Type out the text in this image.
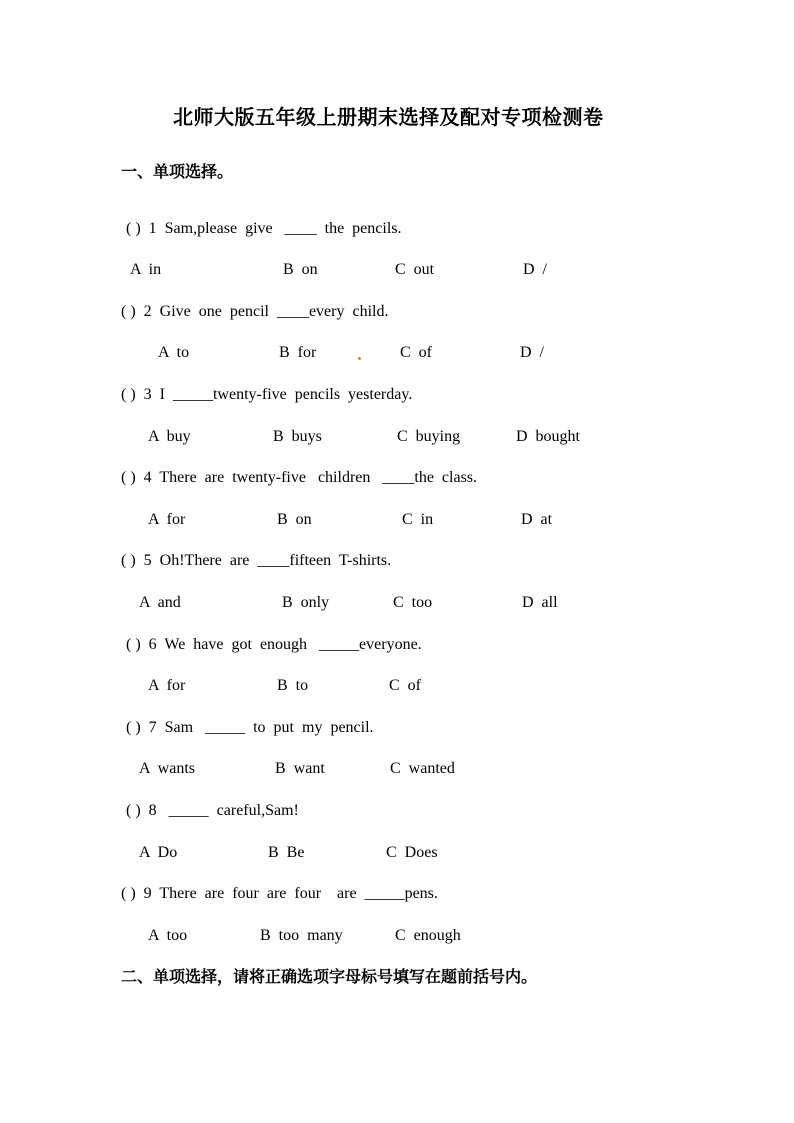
北师大版五年级上册期末选择及配对专项检测卷
一、单项选择。
( )  1  Sam,please  give   ____  the  pencils.
A  in	B  on	C  out	D  /
( )  2  Give  one  pencil  ____every  child.
A  to	B  for	C  of	D  /
( )  3  I  _____twenty-five  pencils  yesterday.
A  buy	B  buys	C  buying	D  bought
( )  4  There  are  twenty-five   children   ____the  class.
A  for	B  on	C  in	D  at
( )  5  Oh!There  are  ____fifteen  T-shirts.
A  and	B  only	C  too	D  all
( )  6  We  have  got  enough   _____everyone.
A  for	B  to	C  of
( )  7  Sam   _____  to  put  my  pencil.
A  wants	B  want	C  wanted
( )  8   _____  careful,Sam!
A  Do	B  Be	C  Does
( )  9  There  are  four  are  four    are  _____pens.
A  too	B  too  many	C  enough
二、单项选择，请将正确选项字母标号填写在题前括号内。
